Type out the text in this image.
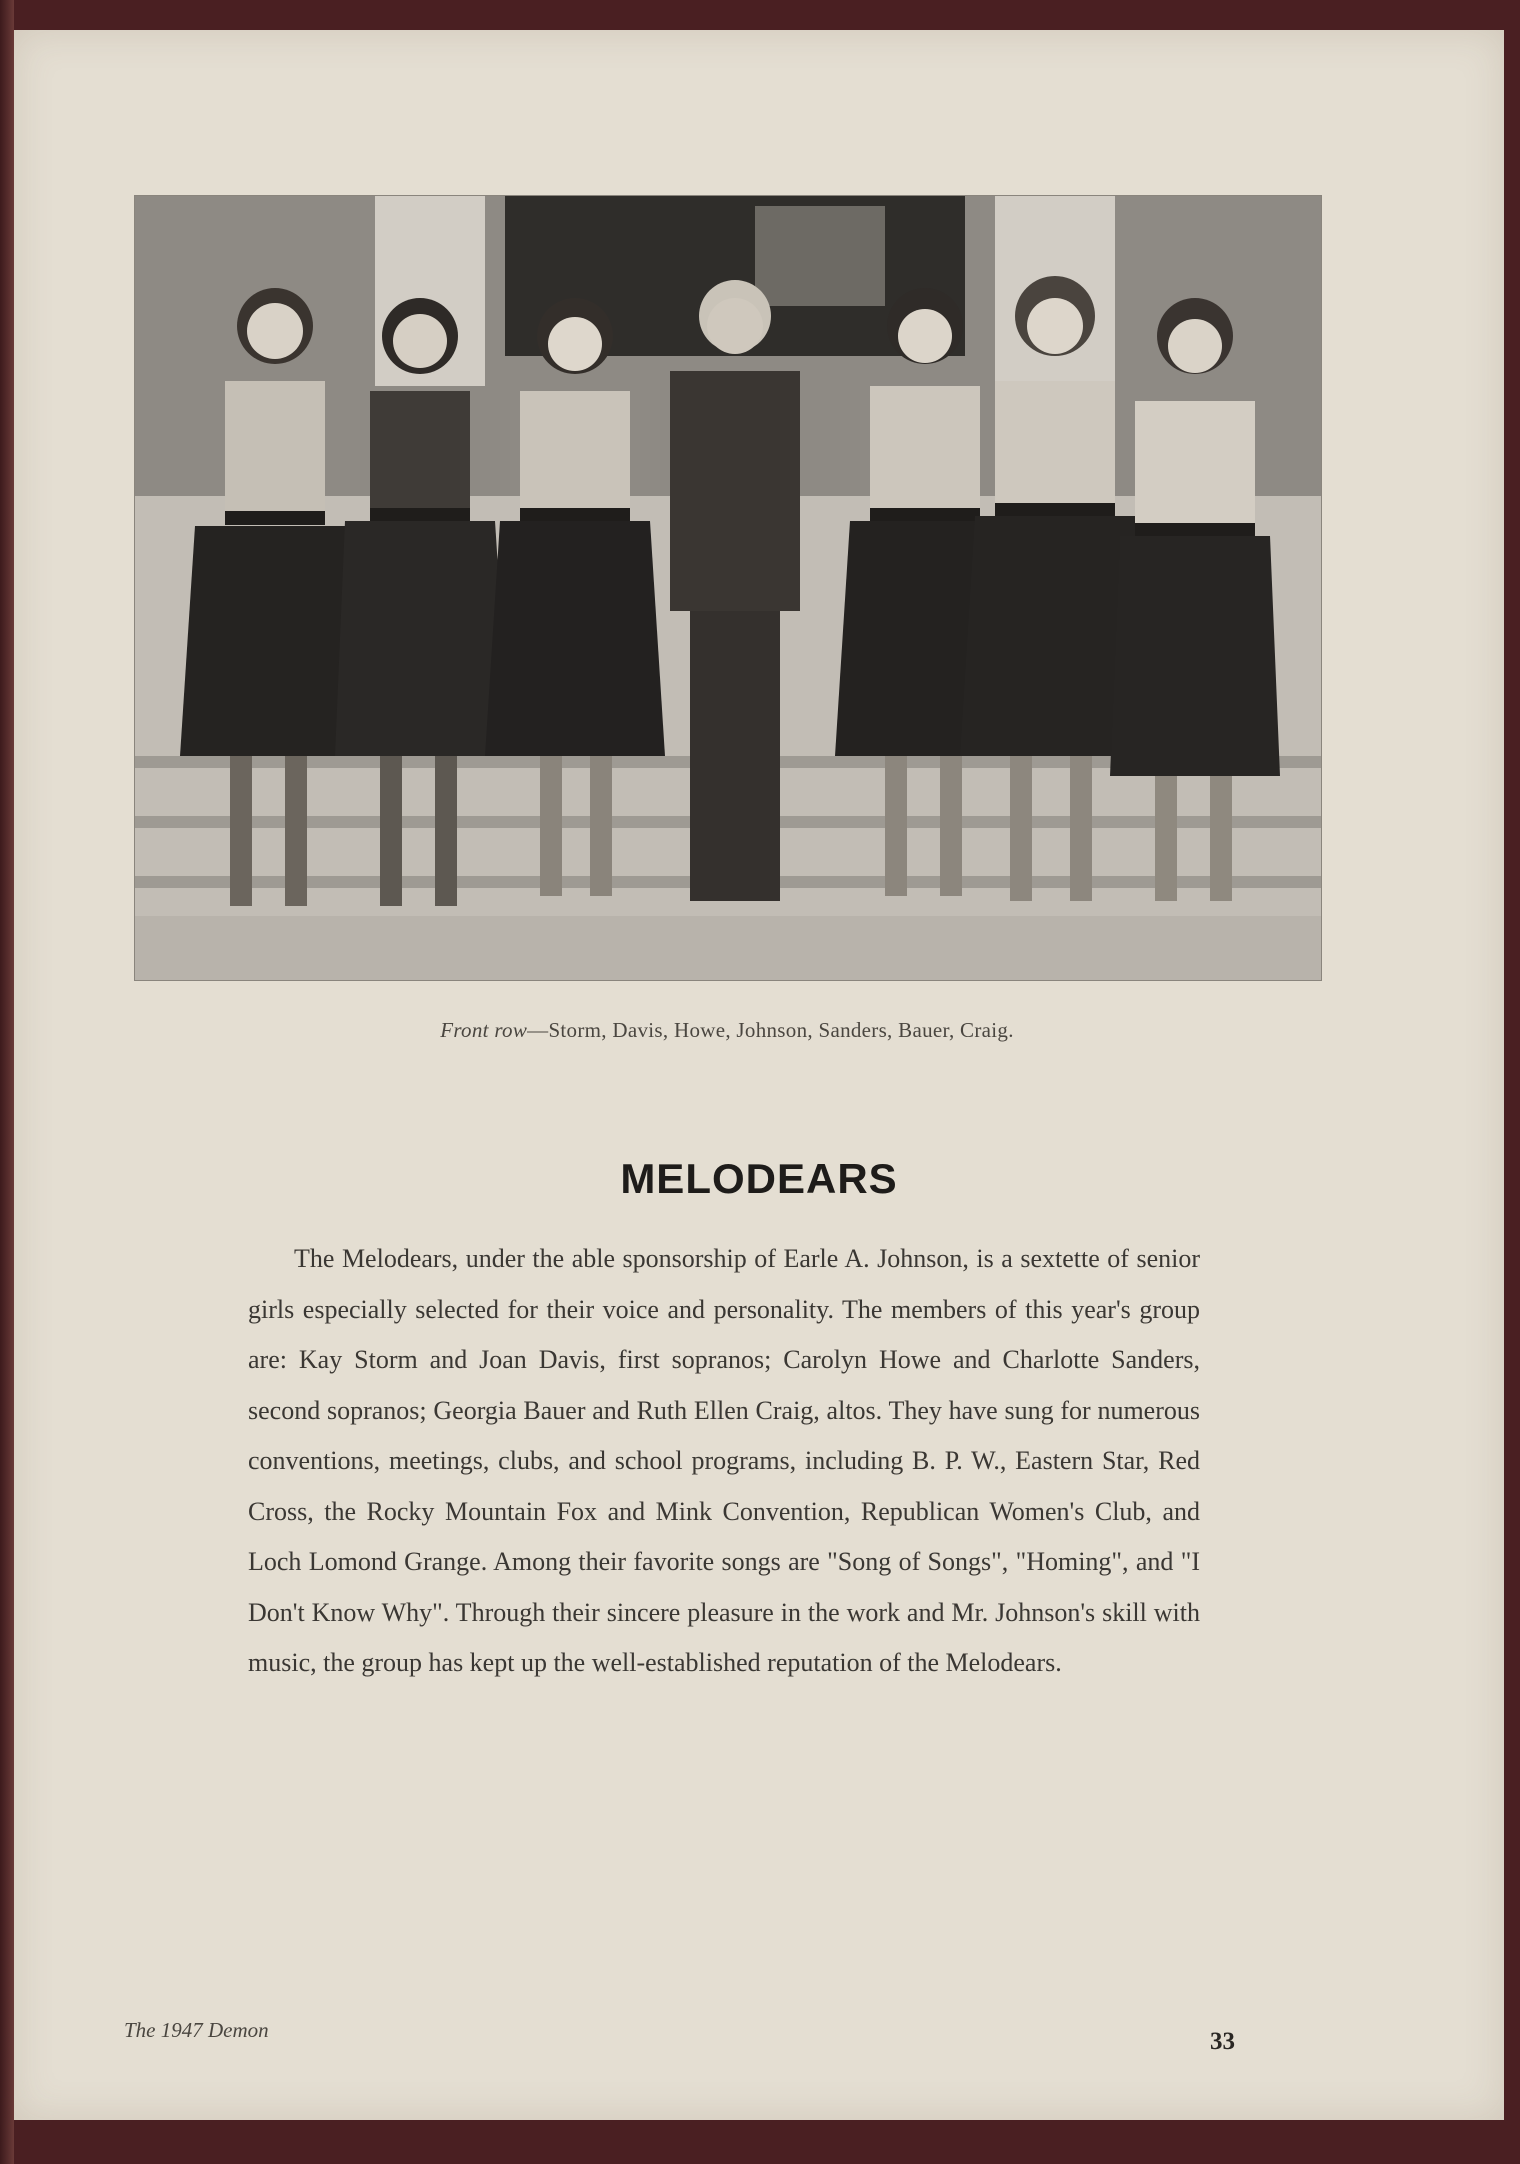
Front row—Storm, Davis, Howe, Johnson, Sanders, Bauer, Craig.
MELODEARS
The Melodears, under the able sponsorship of Earle A. Johnson, is a sextette of senior girls especially selected for their voice and personality. The members of this year's group are: Kay Storm and Joan Davis, first sopranos; Carolyn Howe and Charlotte Sanders, second sopranos; Georgia Bauer and Ruth Ellen Craig, altos. They have sung for numerous conventions, meetings, clubs, and school programs, including B. P. W., Eastern Star, Red Cross, the Rocky Mountain Fox and Mink Convention, Republican Women's Club, and Loch Lomond Grange. Among their favorite songs are "Song of Songs", "Homing", and "I Don't Know Why". Through their sincere pleasure in the work and Mr. Johnson's skill with music, the group has kept up the well-established reputation of the Melodears.
The 1947 Demon	33
